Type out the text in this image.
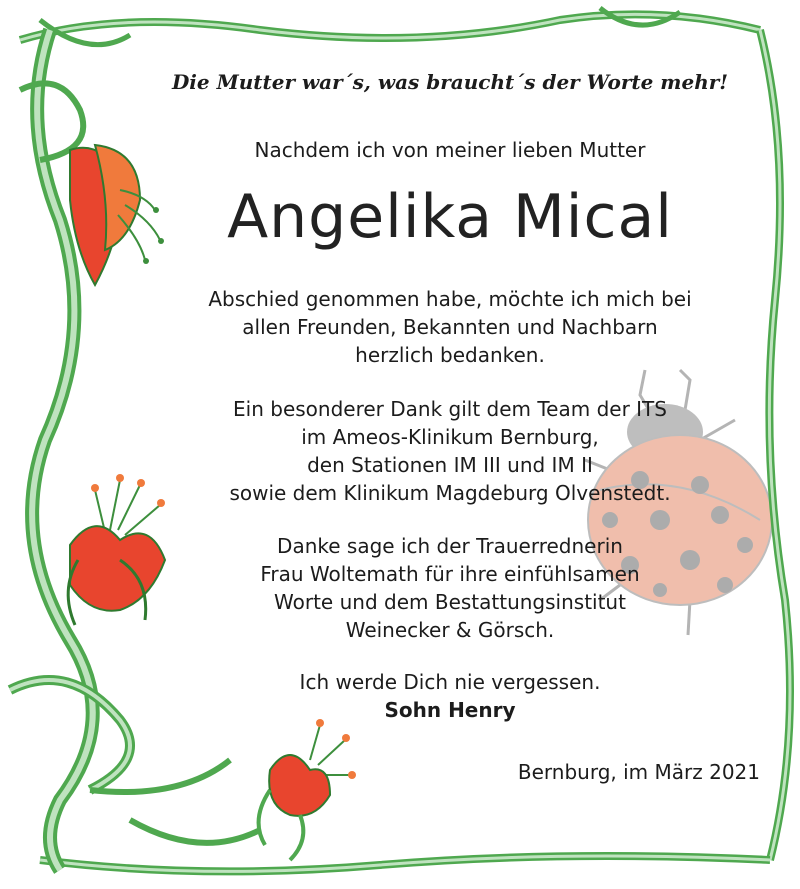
Die Mutter war´s, was braucht´s der Worte mehr!
Nachdem ich von meiner lieben Mutter
Angelika Mical

Abschied genommen habe, möchte ich mich bei

allen Freunden, Bekannten und Nachbarn

herzlich bedanken.

Ein besonderer Dank gilt dem Team der ITS

im Ameos-Klinikum Bernburg,

den Stationen IM III und IM II

sowie dem Klinikum Magdeburg Olvenstedt.

Danke sage ich der Trauerrednerin

Frau Woltemath für ihre einfühlsamen

Worte und dem Bestattungsinstitut

Weinecker & Görsch.

Ich werde Dich nie vergessen.

Sohn Henry

Bernburg, im März 2021
